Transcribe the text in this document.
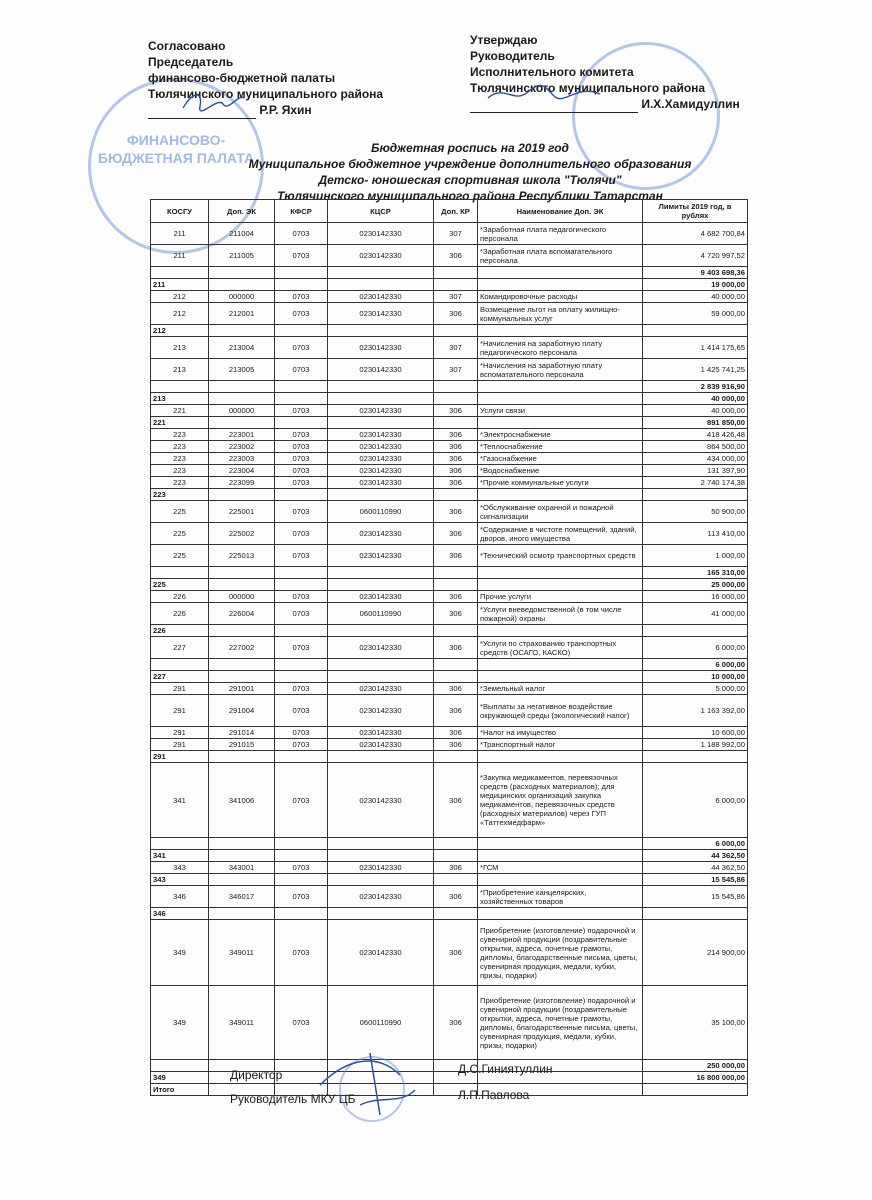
ФИНАНСОВО- БЮДЖЕТНАЯ ПАЛАТА
Согласовано
Председатель
финансово-бюджетной палаты
Тюлячинского муниципального района
Р.Р. Яхин
Утверждаю
Руководитель
Исполнительного комитета
Тюлячинского муниципального района
И.Х.Хамидуллин
Бюджетная роспись на 2019 год
Муниципальное бюджетное учреждение дополнительного образования
Детско- юношеская спортивная школа "Тюлячи"
Тюлячинского муниципального района Республики Татарстан
КОСГУ	Доп. ЭК	КФСР	КЦСР	Доп. КР	Наименование Доп. ЭК	Лимиты 2019 год, в рублях
211	211004	0703	0230142330	307	*Заработная плата педагогического персонала	4 682 700,84
211	211005	0703	0230142330	306	*Заработная плата вспомагательного персонала	4 720 997,52
						9 403 698,36
211						19 000,00
212	000000	0703	0230142330	307	Командировочные расходы	40 000,00
212	212001	0703	0230142330	306	Возмещение льгот на оплату жилищно-коммунальных услуг	59 000,00
212						
213	213004	0703	0230142330	307	*Начисления на заработную плату педагогического персонала	1 414 175,65
213	213005	0703	0230142330	307	*Начисления на заработную плату вспоматательного персонала	1 425 741,25
						2 839 916,90
213						40 000,00
221	000000	0703	0230142330	306	Услуги связи	40 000,00
221						891 850,00
223	223001	0703	0230142330	306	*Электроснабжение	418 426,48
223	223002	0703	0230142330	306	*Теплоснабжение	864 500,00
223	223003	0703	0230142330	306	*Газоснабжение	434 000,00
223	223004	0703	0230142330	306	*Водоснабжение	131 397,90
223	223099	0703	0230142330	306	*Прочие коммунальные услуги	2 740 174,38
223						
225	225001	0703	0600110990	306	*Обслуживание охранной и пожарной сигнализации	50 900,00
225	225002	0703	0230142330	306	*Содержание в чистоте помещений, зданий, дворов, иного имущества	113 410,00
225	225013	0703	0230142330	306	*Технический осмотр транспортных средств	1 000,00
						165 310,00
225						25 000,00
226	000000	0703	0230142330	306	Прочие услуги	16 000,00
226	226004	0703	0600110990	306	*Услуги вневедомственной (в том числе пожарной) охраны	41 000,00
226						
227	227002	0703	0230142330	306	*Услуги по страхованию транспортных средств (ОСАГО, КАСКО)	6 000,00
						6 000,00
227						10 000,00
291	291001	0703	0230142330	306	*Земельный налог	5 000,00
291	291004	0703	0230142330	306	*Выплаты за негативное воздействие окружающей среды (экологический налог)	1 163 392,00
291	291014	0703	0230142330	306	*Налог на имущество	10 600,00
291	291015	0703	0230142330	306	*Транспортный налог	1 188 992,00
291						
341	341006	0703	0230142330	306	*Закупка медикаментов, перевязочных средств (расходных материалов); для медицинских организаций закупка медикаментов, перевязочных средств (расходных материалов) через ГУП «Таттехмедфарм»	6 000,00
						6 000,00
341						44 362,50
343	343001	0703	0230142330	306	*ГСМ	44 362,50
343						15 545,86
346	346017	0703	0230142330	306	*Приобретение канцелярских, хозяйственных товаров	15 545,86
346						
349	349011	0703	0230142330	306	Приобретение (изготовление) подарочной и сувенирной продукции (поздравительные открытки, адреса, почетные грамоты, дипломы, благодарственные письма, цветы, сувенирная продукция, медали, кубки, призы, подарки)	214 900,00
349	349011	0703	0600110990	306	Приобретение (изготовление) подарочной и сувенирной продукции (поздравительные открытки, адреса, почетные грамоты, дипломы, благодарственные письма, цветы, сувенирная продукция, медали, кубки, призы, подарки)	35 100,00
						250 000,00
349						16 800 000,00
Итого						
Директор	Д.С.Гиниятуллин
Руководитель МКУ ЦБ	Л.П.Павлова
